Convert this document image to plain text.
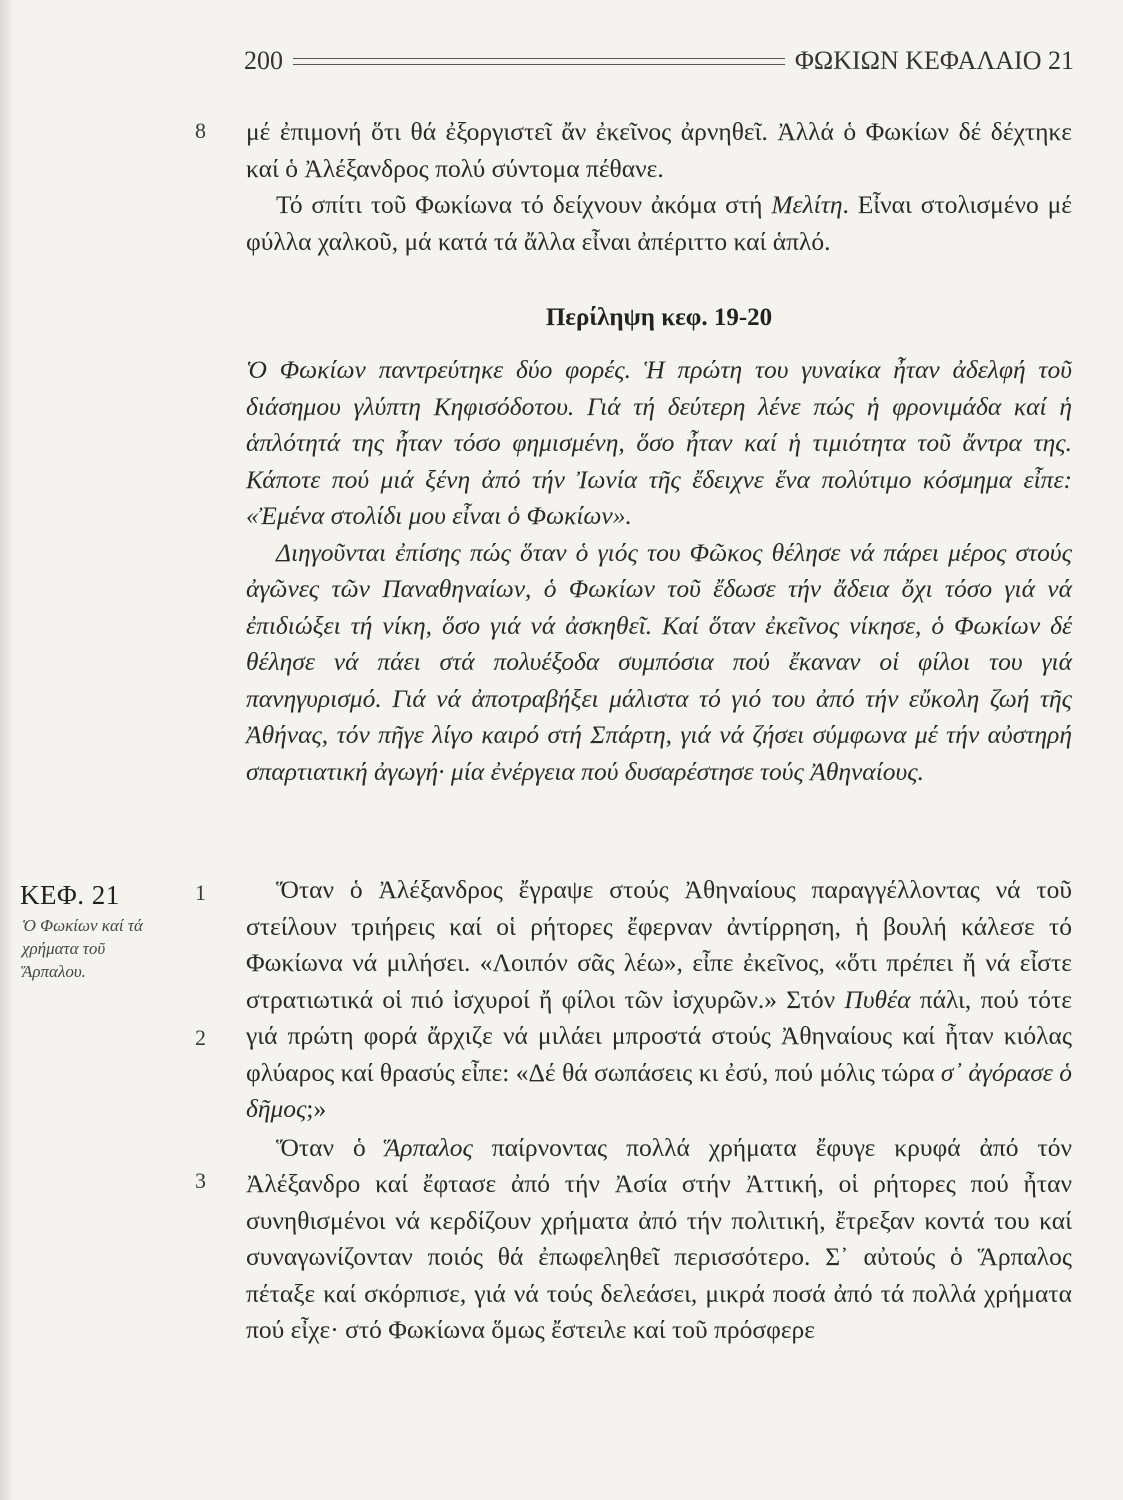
200	ΦΩΚΙΩΝ ΚΕΦΑΛΑΙΟ 21
8
1
2
3

μέ ἐπιμονή ὅτι θά ἐξοργιστεῖ ἄν ἐκεῖνος ἀρνηθεῖ. Ἀλλά ὁ Φωκίων δέ δέχτηκε καί ὁ Ἀλέξανδρος πολύ σύντομα πέθανε.

Τό σπίτι τοῦ Φωκίωνα τό δείχνουν ἀκόμα στή Μελίτη. Εἶναι στολισμένο μέ φύλλα χαλκοῦ, μά κατά τά ἄλλα εἶναι ἀπέριττο καί ἁπλό.

Περίληψη κεφ. 19-20

Ὁ Φωκίων παντρεύτηκε δύο φορές. Ἡ πρώτη του γυναίκα ἦταν ἀδελφή τοῦ διάσημου γλύπτη Κηφισόδοτου. Γιά τή δεύτερη λένε πώς ἡ φρονιμάδα καί ἡ ἁπλότητά της ἦταν τόσο φημισμένη, ὅσο ἦταν καί ἡ τιμιότητα τοῦ ἄντρα της. Κάποτε πού μιά ξένη ἀπό τήν Ἰωνία τῆς ἔδειχνε ἕνα πολύτιμο κόσμημα εἶπε: «Ἐμένα στολίδι μου εἶναι ὁ Φωκίων».

Διηγοῦνται ἐπίσης πώς ὅταν ὁ γιός του Φῶκος θέλησε νά πάρει μέρος στούς ἀγῶνες τῶν Παναθηναίων, ὁ Φωκίων τοῦ ἔδωσε τήν ἄδεια ὄχι τόσο γιά νά ἐπιδιώξει τή νίκη, ὅσο γιά νά ἀσκηθεῖ. Καί ὅταν ἐκεῖνος νίκησε, ὁ Φωκίων δέ θέλησε νά πάει στά πολυέξοδα συμπόσια πού ἔκαναν οἱ φίλοι του γιά πανηγυρισμό. Γιά νά ἀποτραβήξει μάλιστα τό γιό του ἀπό τήν εὔκολη ζωή τῆς Ἀθήνας, τόν πῆγε λίγο καιρό στή Σπάρτη, γιά νά ζήσει σύμφωνα μέ τήν αὐστηρή σπαρτιατική ἀγωγή· μία ἐνέργεια πού δυσαρέστησε τούς Ἀθηναίους.

ΚΕΦ. 21
Ὁ Φωκίων καί τά χρήματα τοῦ Ἅρπαλου.

Ὅταν ὁ Ἀλέξανδρος ἔγραψε στούς Ἀθηναίους παραγγέλλοντας νά τοῦ στείλουν τριήρεις καί οἱ ρήτορες ἔφερναν ἀντίρρηση, ἡ βουλή κάλεσε τό Φωκίωνα νά μιλήσει. «Λοιπόν σᾶς λέω», εἶπε ἐκεῖνος, «ὅτι πρέπει ἤ νά εἶστε στρατιωτικά οἱ πιό ἰσχυροί ἤ φίλοι τῶν ἰσχυρῶν.» Στόν Πυθέα πάλι, πού τότε γιά πρώτη φορά ἄρχιζε νά μιλάει μπροστά στούς Ἀθηναίους καί ἦταν κιόλας φλύαρος καί θρασύς εἶπε: «Δέ θά σωπάσεις κι ἐσύ, πού μόλις τώρα σ᾽ ἀγόρασε ὁ δῆμος;»

Ὅταν ὁ Ἅρπαλος παίρνοντας πολλά χρήματα ἔφυγε κρυφά ἀπό τόν Ἀλέξανδρο καί ἔφτασε ἀπό τήν Ἀσία στήν Ἀττική, οἱ ρήτορες πού ἦταν συνηθισμένοι νά κερδίζουν χρήματα ἀπό τήν πολιτική, ἔτρεξαν κοντά του καί συναγωνίζονταν ποιός θά ἐπωφεληθεῖ περισσότερο. Σ᾽ αὐτούς ὁ Ἅρπαλος πέταξε καί σκόρπισε, γιά νά τούς δελεάσει, μικρά ποσά ἀπό τά πολλά χρήματα πού εἶχε· στό Φωκίωνα ὅμως ἔστειλε καί τοῦ πρόσφερε
